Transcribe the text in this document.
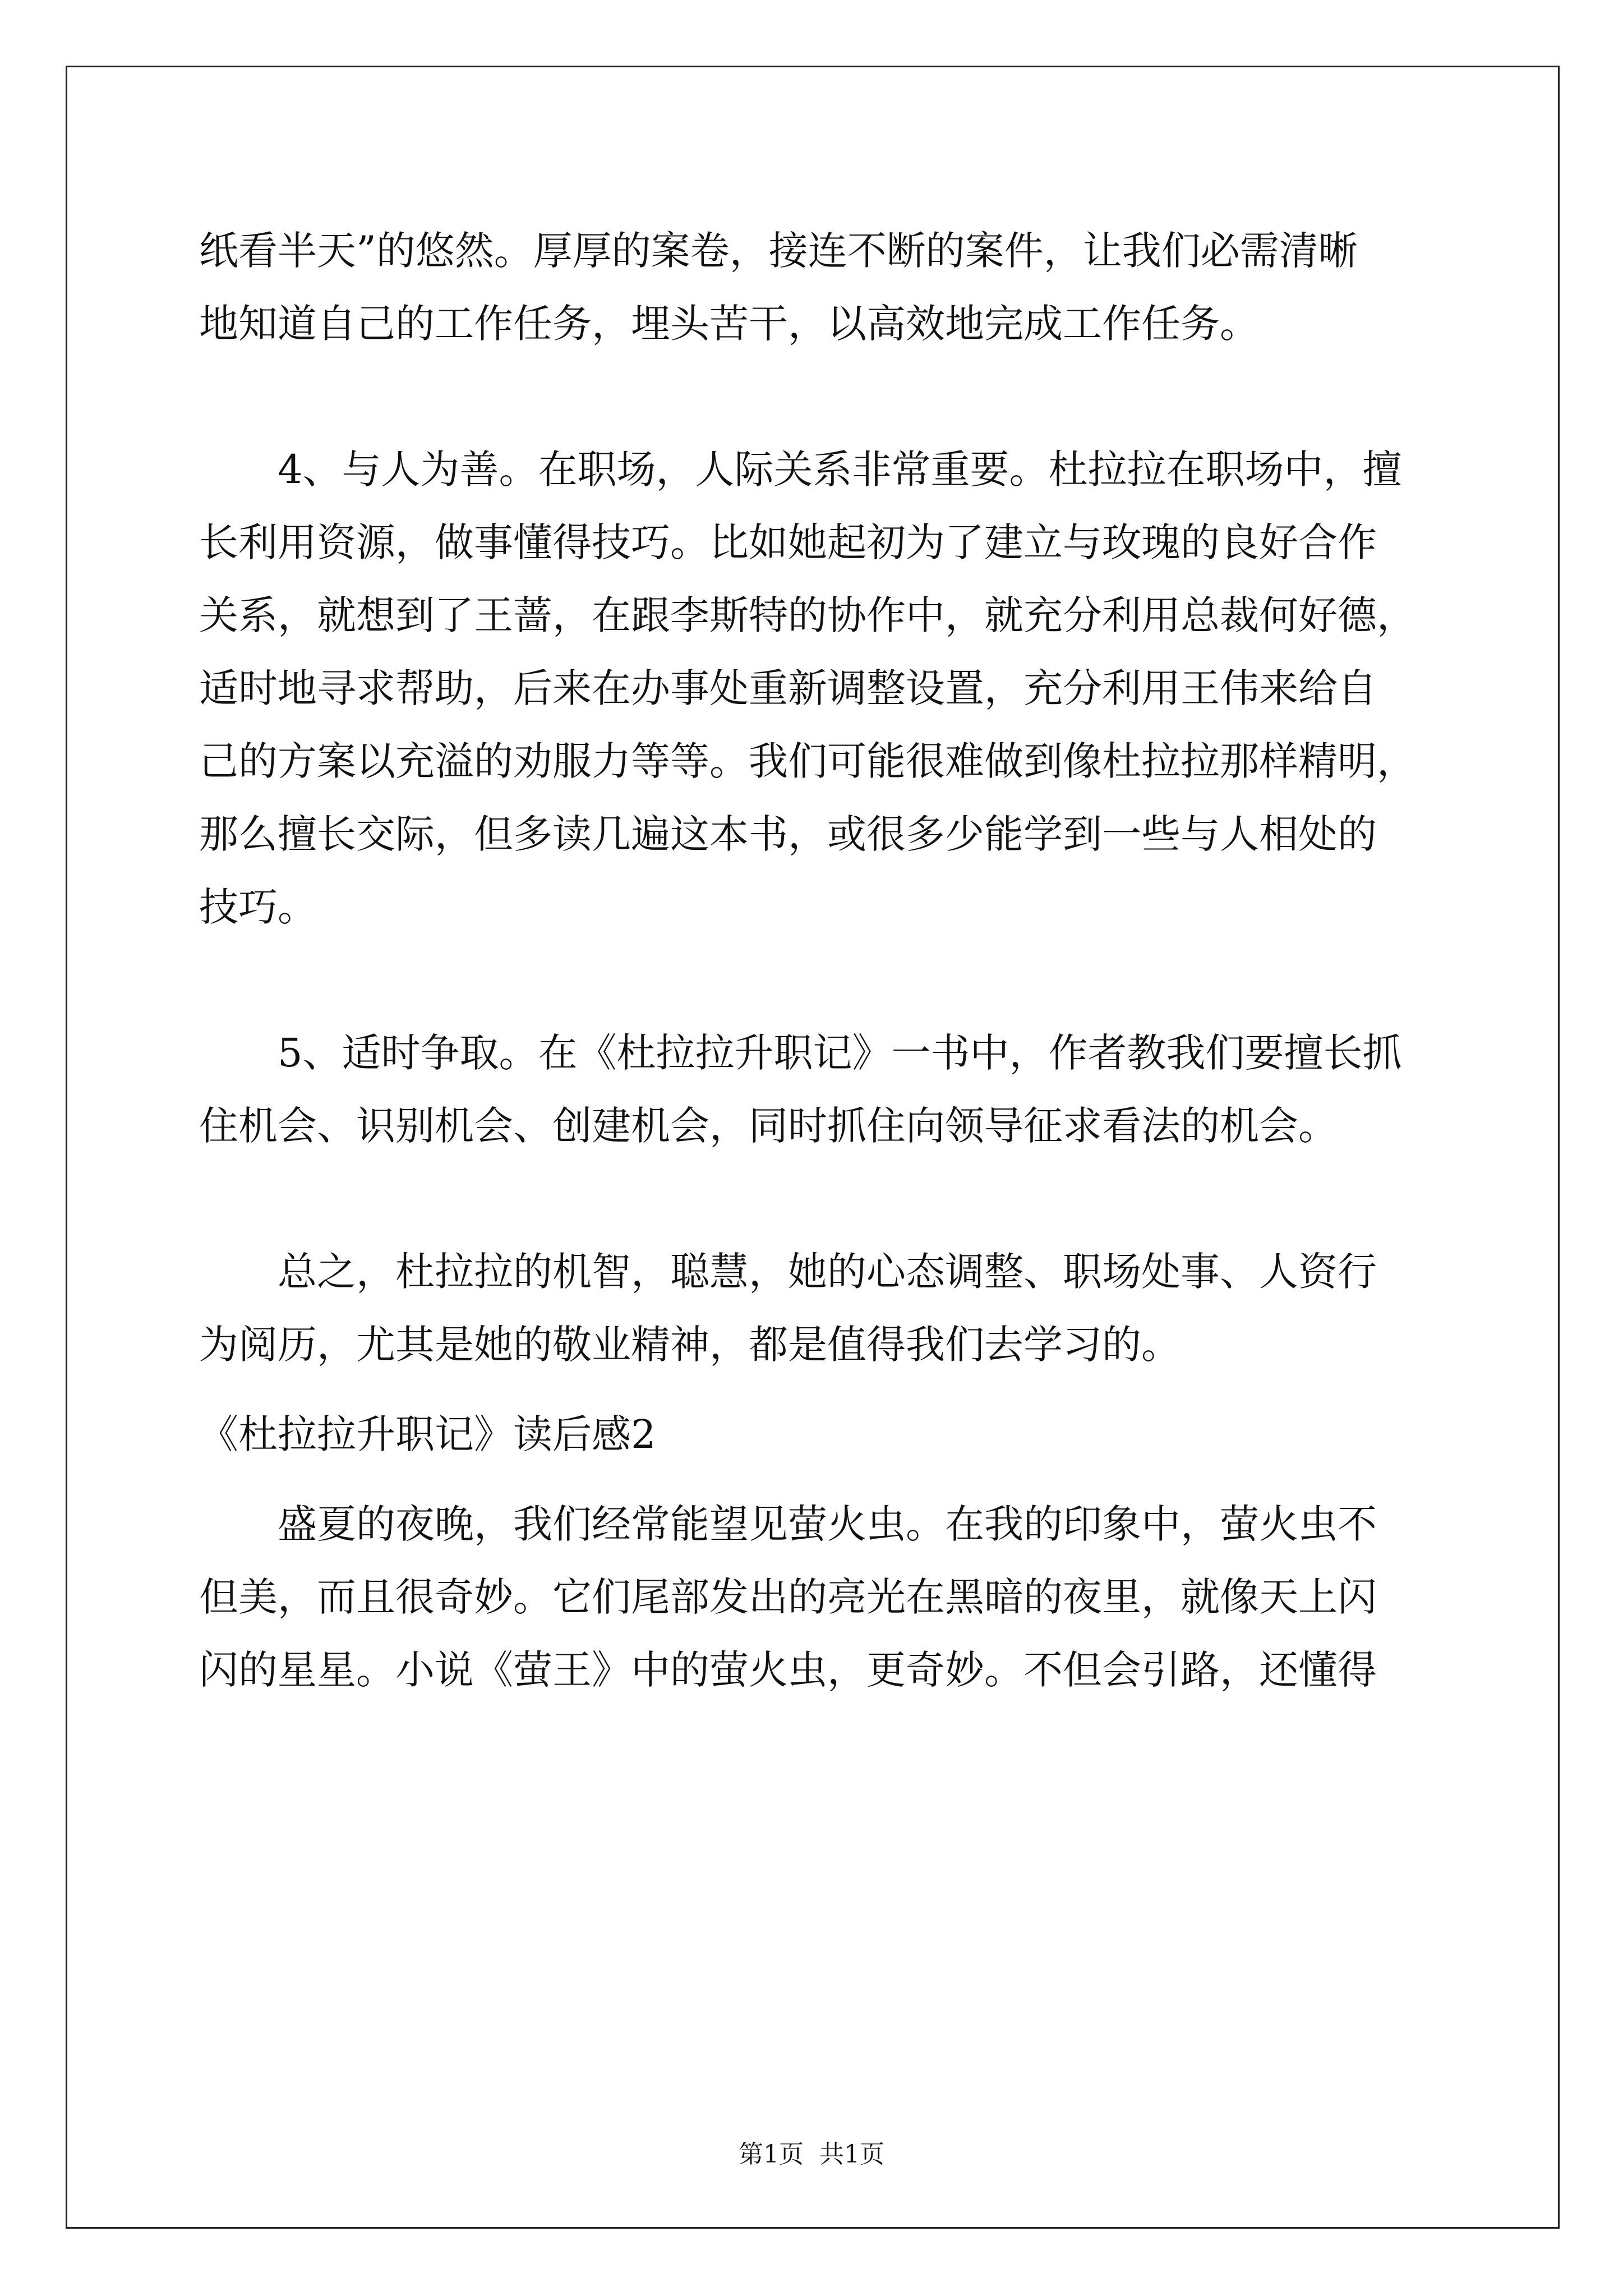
纸看半天”的悠然。厚厚的案卷，接连不断的案件，让我们必需清晰
地知道自己的工作任务，埋头苦干，以高效地完成工作任务。
4、与人为善。在职场，人际关系非常重要。杜拉拉在职场中，擅
长利用资源，做事懂得技巧。比如她起初为了建立与玫瑰的良好合作
关系，就想到了王蔷，在跟李斯特的协作中，就充分利用总裁何好德，
适时地寻求帮助，后来在办事处重新调整设置，充分利用王伟来给自
己的方案以充溢的劝服力等等。我们可能很难做到像杜拉拉那样精明，
那么擅长交际，但多读几遍这本书，或很多少能学到一些与人相处的
技巧。
5、适时争取。在《杜拉拉升职记》一书中，作者教我们要擅长抓
住机会、识别机会、创建机会，同时抓住向领导征求看法的机会。
总之，杜拉拉的机智，聪慧，她的心态调整、职场处事、人资行
为阅历，尤其是她的敬业精神，都是值得我们去学习的。
《杜拉拉升职记》读后感2
盛夏的夜晚，我们经常能望见萤火虫。在我的印象中，萤火虫不
但美，而且很奇妙。它们尾部发出的亮光在黑暗的夜里，就像天上闪
闪的星星。小说《萤王》中的萤火虫，更奇妙。不但会引路，还懂得
第1页  共1页
